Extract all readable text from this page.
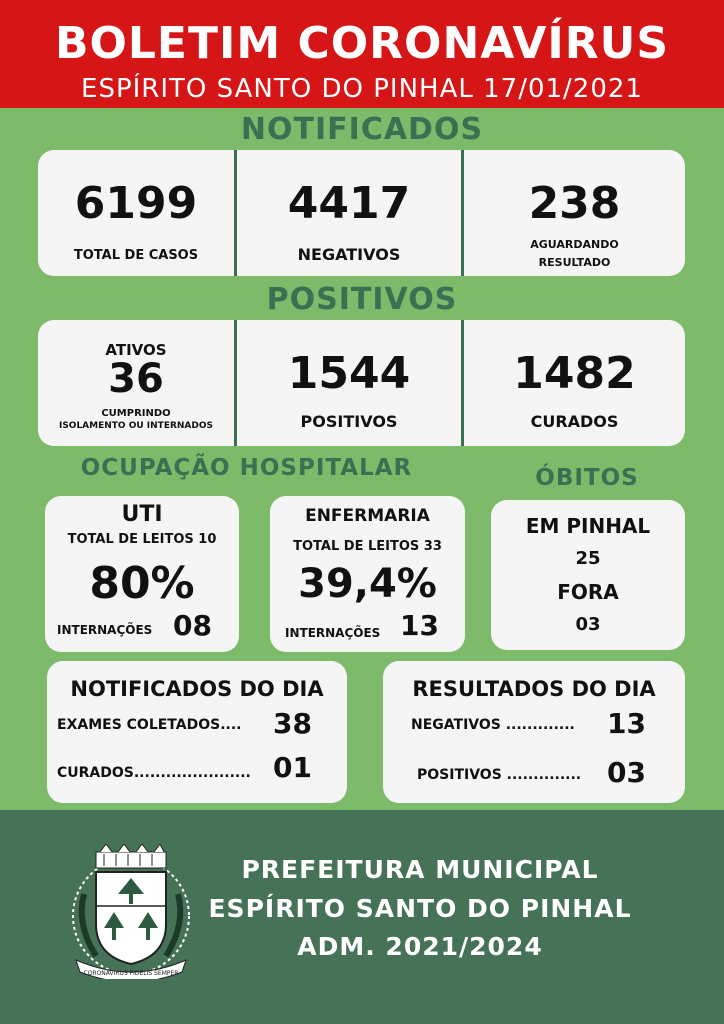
BOLETIM CORONAVÍRUS
ESPÍRITO SANTO DO PINHAL 17/01/2021
NOTIFICADOS
6199
TOTAL DE CASOS
4417
NEGATIVOS
238
AGUARDANDO
RESULTADO
POSITIVOS
ATIVOS
36
CUMPRINDO
ISOLAMENTO OU INTERNADOS
1544
POSITIVOS
1482
CURADOS
OCUPAÇÃO HOSPITALAR	ÓBITOS
UTI
TOTAL DE LEITOS 10
80%
INTERNAÇÕES 08
ENFERMARIA
TOTAL DE LEITOS 33
39,4%
INTERNAÇÕES 13
EM PINHAL
25
FORA
03
NOTIFICADOS DO DIA
EXAMES COLETADOS.... 38
CURADOS...................... 01
RESULTADOS DO DIA
NEGATIVOS ............. 13
POSITIVOS .............. 03
CORONAVIRUS FIDELIS SEMPER
PREFEITURA MUNICIPAL
ESPÍRITO SANTO DO PINHAL
ADM. 2021/2024
